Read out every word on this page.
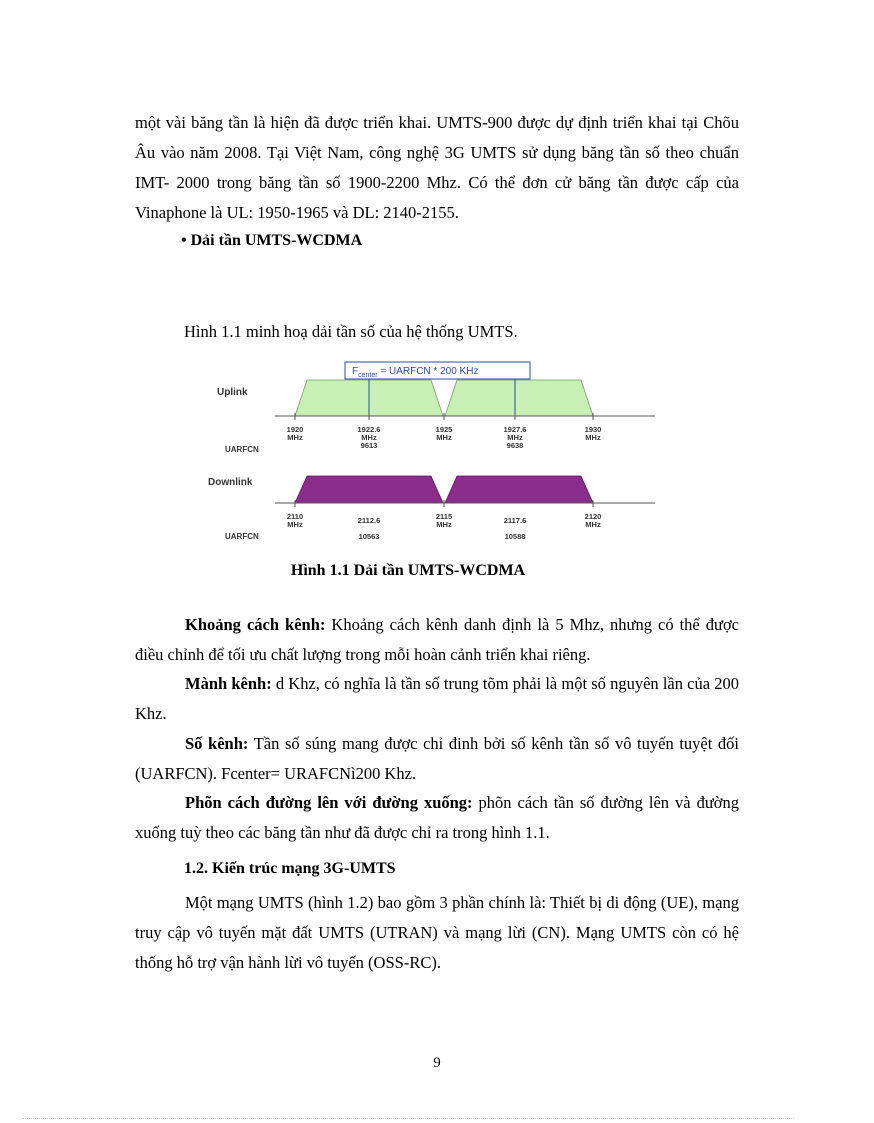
một vài băng tần là hiện đã được triển khai. UMTS-900 được dự định triển khai tại Chõu Âu vào năm 2008. Tại Việt Nam, công nghệ 3G UMTS sử dụng băng tần số theo chuẩn IMT- 2000 trong băng tần số 1900-2200 Mhz. Có thể đơn cử băng tần được cấp của Vinaphone là UL: 1950-1965 và DL: 2140-2155.

• Dải tần UMTS-WCDMA
Hình 1.1 minh hoạ dải tần số của hệ thống UMTS.
$F_{center}$ = UARFCN * 200 KHz
Uplink
1920
MHz
1922.6
MHz
1925
MHz
1927.6
MHz
1930
MHz
9613	9638
UARFCN
Downlink
2110
MHz	2112.6	2115
MHz	2117.6	2120
MHz
10563	10588
UARFCN
Hình 1.1 Dải tần UMTS-WCDMA

Khoảng cách kênh: Khoảng cách kênh danh định là 5 Mhz, nhưng có thể được điều chỉnh để tối ưu chất lượng trong mỗi hoàn cảnh triển khai riêng.

Mành kênh: d Khz, có nghĩa là tần số trung tõm phải là một số nguyên lần của 200 Khz.

Số kênh: Tần số súng mang được chỉ đinh bởi số kênh tần số vô tuyến tuyệt đối (UARFCN). Fcenter= URAFCNì200 Khz.

Phõn cách đường lên với đường xuống: phõn cách tần số đường lên và đường xuống tuỳ theo các băng tần như đã được chỉ ra trong hình 1.1.

1.2. Kiến trúc mạng 3G-UMTS

Một mạng UMTS (hình 1.2) bao gồm 3 phần chính là: Thiết bị di động (UE), mạng truy cập vô tuyến mặt đất UMTS (UTRAN) và mạng lừi (CN). Mạng UMTS còn có hệ thống hỗ trợ vận hành lừi vô tuyến (OSS-RC).

9
